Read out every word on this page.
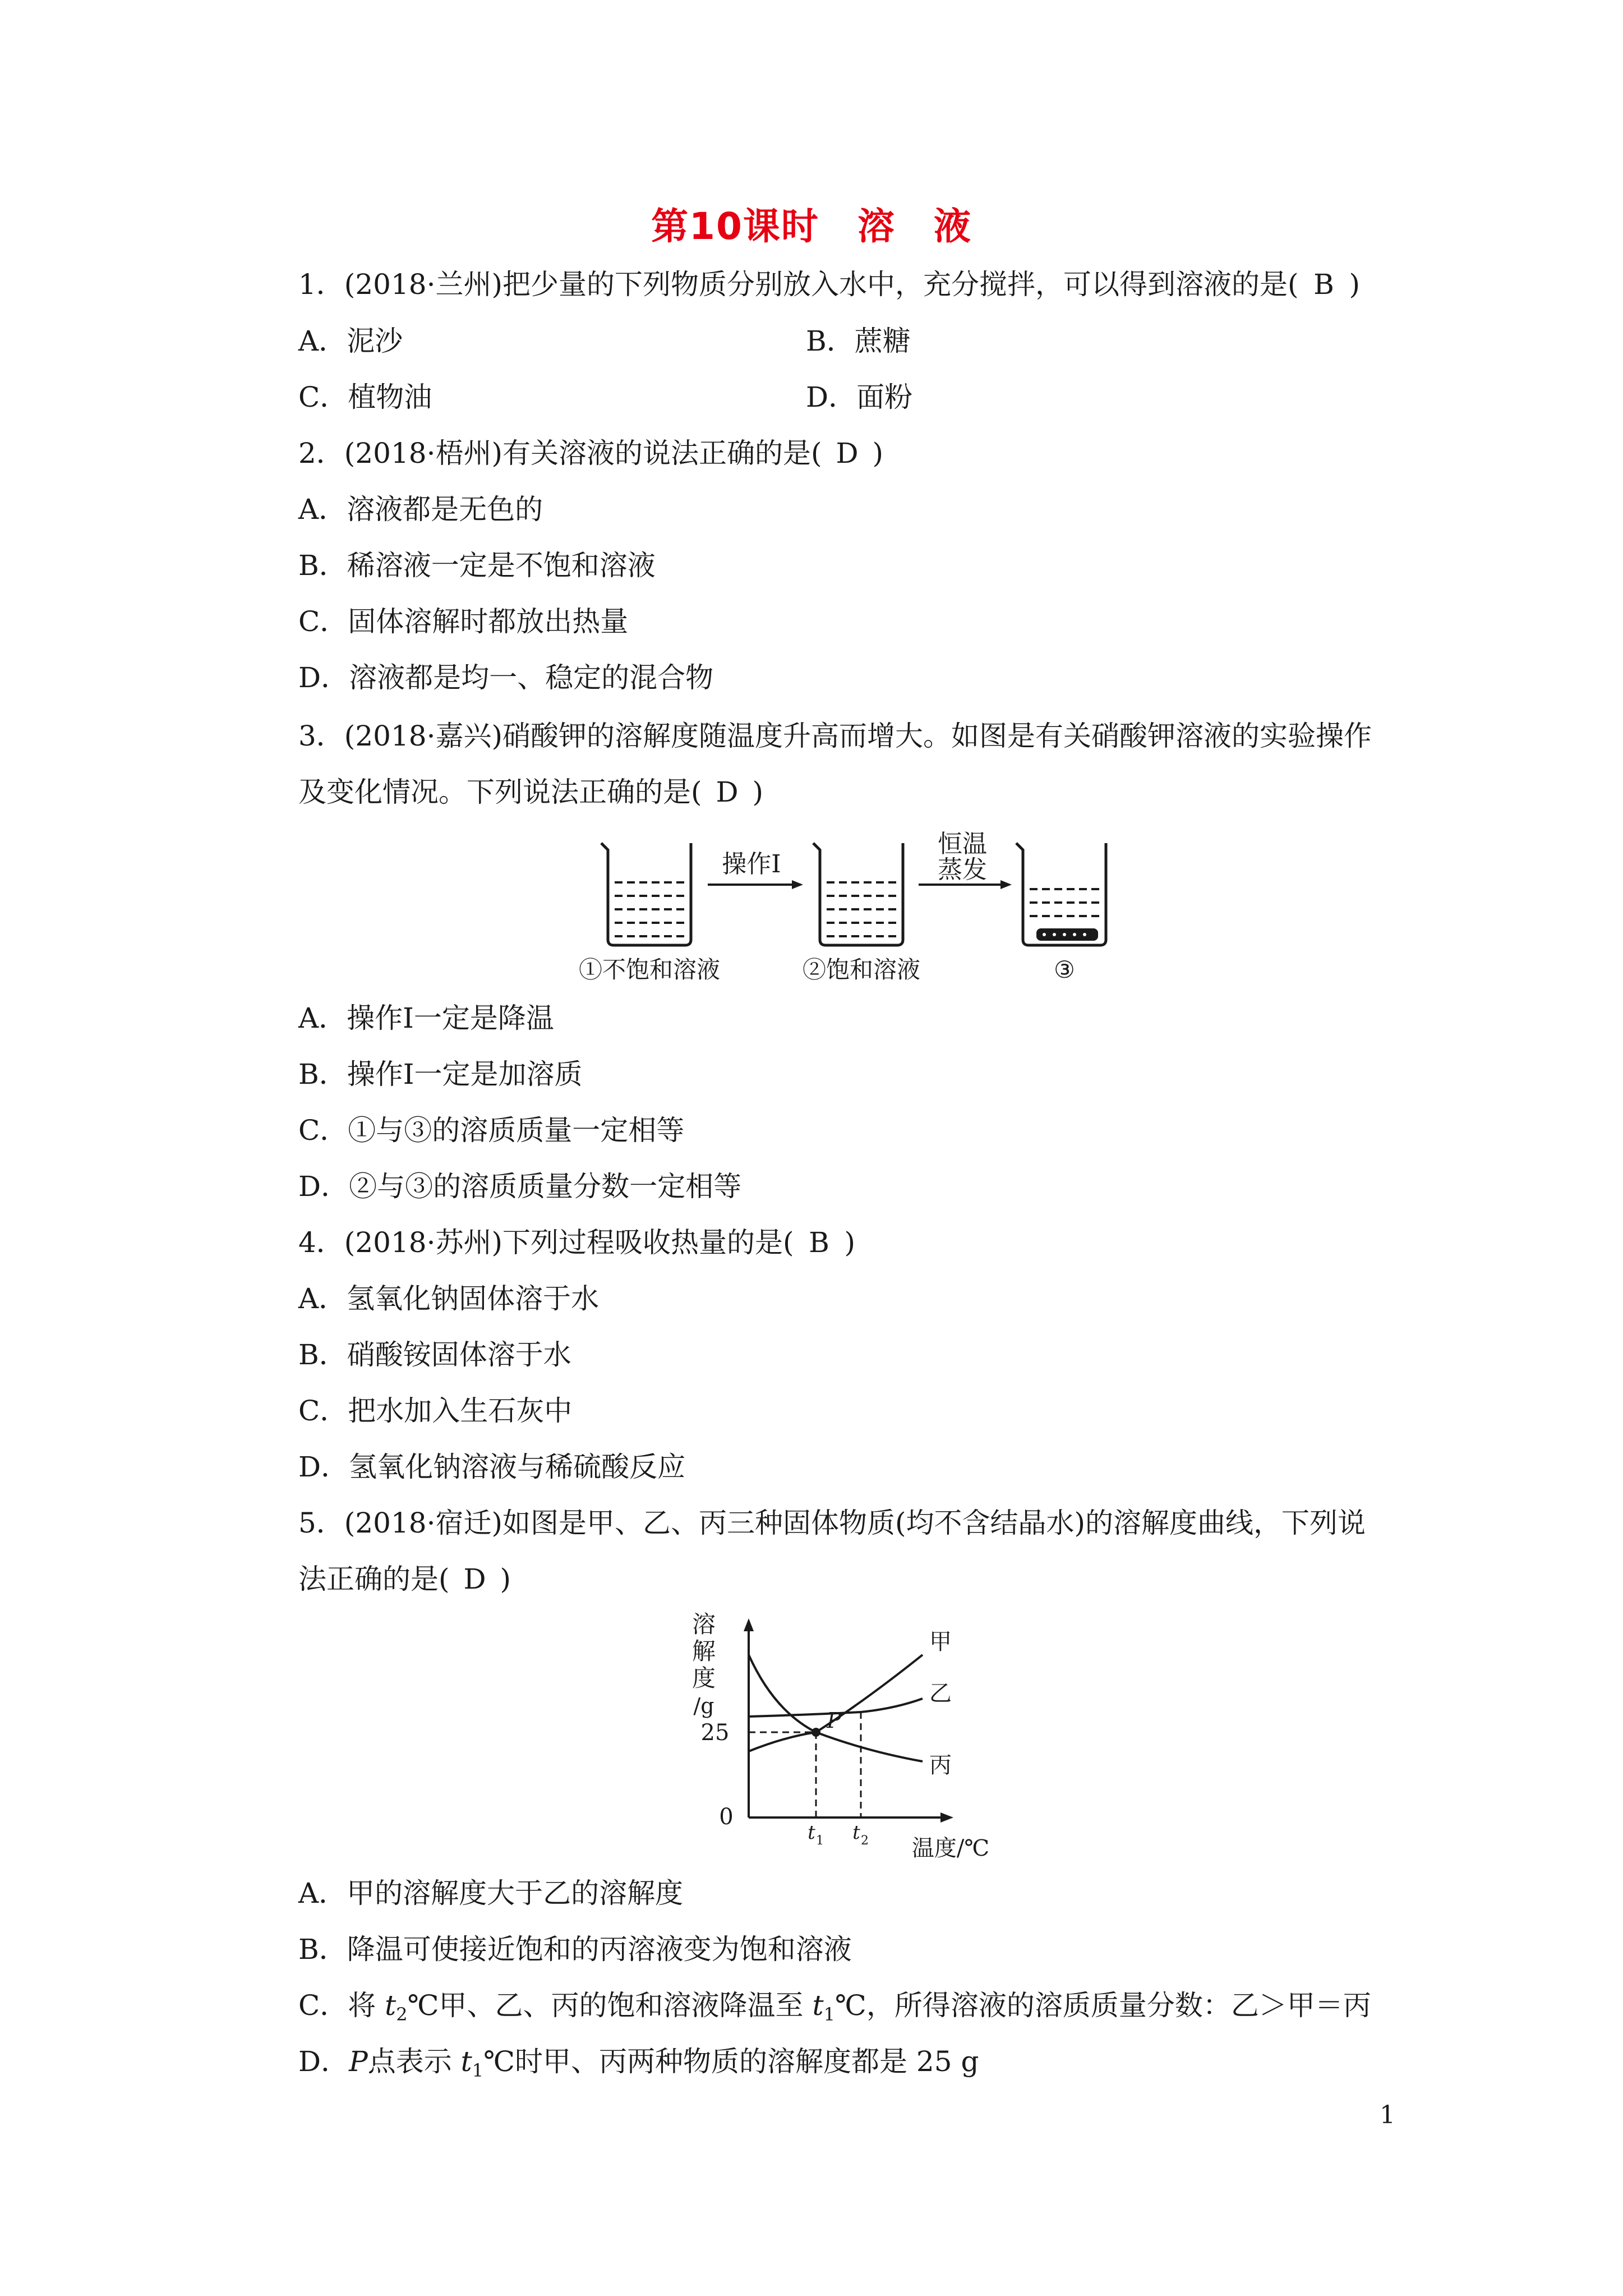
第10课时　溶　液
1．(2018·兰州)把少量的下列物质分别放入水中，充分搅拌，可以得到溶液的是( B )
A．泥沙	B．蔗糖
C．植物油	D．面粉
2．(2018·梧州)有关溶液的说法正确的是( D )
A．溶液都是无色的
B．稀溶液一定是不饱和溶液
C．固体溶解时都放出热量
D．溶液都是均一、稳定的混合物
3．(2018·嘉兴)硝酸钾的溶解度随温度升高而增大。如图是有关硝酸钾溶液的实验操作
及变化情况。下列说法正确的是( D )
操作Ⅰ
恒温
蒸发
①不饱和溶液	②饱和溶液	③
A．操作Ⅰ一定是降温
B．操作Ⅰ一定是加溶质
C．①与③的溶质质量一定相等
D．②与③的溶质质量分数一定相等
4．(2018·苏州)下列过程吸收热量的是( B )
A．氢氧化钠固体溶于水
B．硝酸铵固体溶于水
C．把水加入生石灰中
D．氢氧化钠溶液与稀硫酸反应
5．(2018·宿迁)如图是甲、乙、丙三种固体物质(均不含结晶水)的溶解度曲线，下列说
法正确的是( D )
溶
解
度
/g
25
0
t 1 t 2 温度/℃
P
甲
乙
丙
A．甲的溶解度大于乙的溶解度
B．降温可使接近饱和的丙溶液变为饱和溶液
C．将 $t_2℃$甲、乙、丙的饱和溶液降温至 $t_1℃$，所得溶液的溶质质量分数：乙＞甲＝丙
D．P点表示 $t_1℃$时甲、丙两种物质的溶解度都是 25 g
1
